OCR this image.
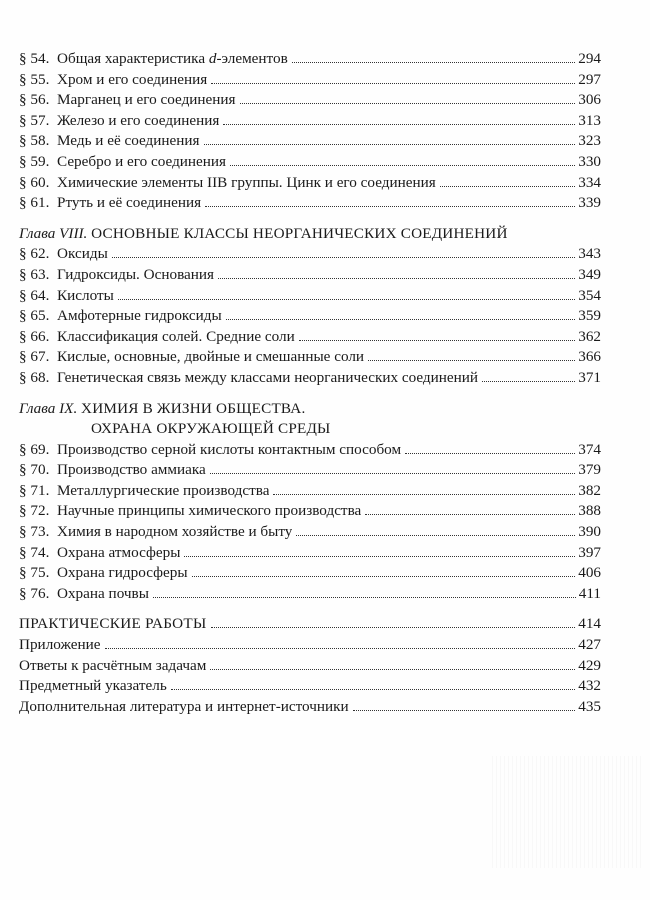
§ 54. Общая характеристика d-элементов	294
§ 55. Хром и его соединения	297
§ 56. Марганец и его соединения	306
§ 57. Железо и его соединения	313
§ 58. Медь и её соединения	323
§ 59. Серебро и его соединения	330
§ 60. Химические элементы IIB группы. Цинк и его соединения	334
§ 61. Ртуть и её соединения	339
Глава VIII. ОСНОВНЫЕ КЛАССЫ НЕОРГАНИЧЕСКИХ СОЕДИНЕНИЙ
§ 62. Оксиды	343
§ 63. Гидроксиды. Основания	349
§ 64. Кислоты	354
§ 65. Амфотерные гидроксиды	359
§ 66. Классификация солей. Средние соли	362
§ 67. Кислые, основные, двойные и смешанные соли	366
§ 68. Генетическая связь между классами неорганических соединений	371
Глава IX. ХИМИЯ В ЖИЗНИ ОБЩЕСТВА.
ОХРАНА ОКРУЖАЮЩЕЙ СРЕДЫ
§ 69. Производство серной кислоты контактным способом	374
§ 70. Производство аммиака	379
§ 71. Металлургические производства	382
§ 72. Научные принципы химического производства	388
§ 73. Химия в народном хозяйстве и быту	390
§ 74. Охрана атмосферы	397
§ 75. Охрана гидросферы	406
§ 76. Охрана почвы	411
ПРАКТИЧЕСКИЕ РАБОТЫ	414
Приложение	427
Ответы к расчётным задачам	429
Предметный указатель	432
Дополнительная литература и интернет-источники	435
